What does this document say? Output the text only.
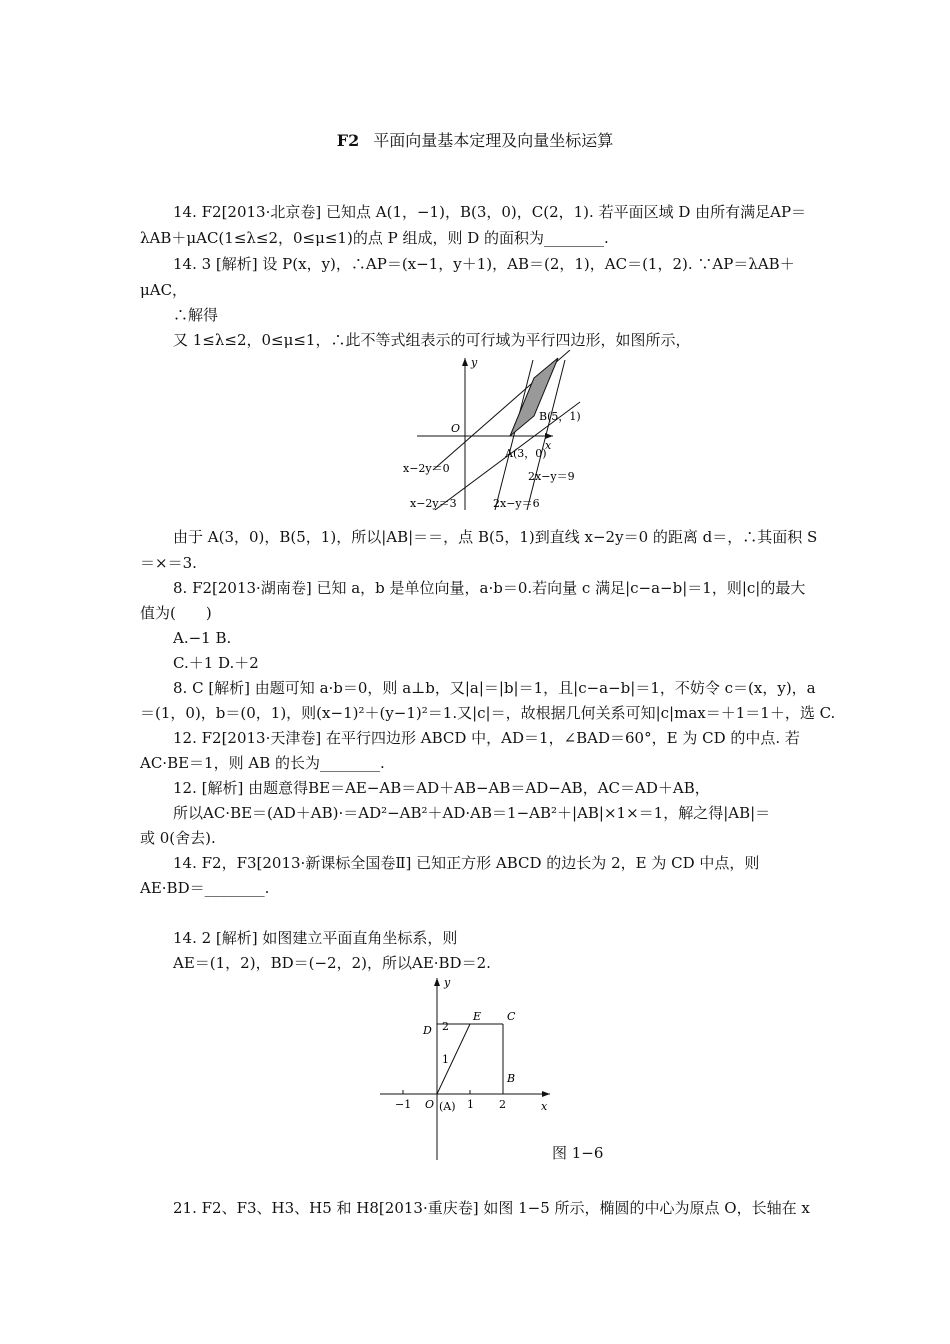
F2 平面向量基本定理及向量坐标运算
14. F2[2013·北京卷] 已知点 A(1，−1)，B(3，0)，C(2，1). 若平面区域 D 由所有满足AP＝
λAB＋μAC(1≤λ≤2，0≤μ≤1)的点 P 组成，则 D 的面积为________.
14. 3 [解析] 设 P(x，y)，∴AP＝(x−1，y＋1)，AB＝(2，1)，AC＝(1，2). ∵AP＝λAB＋
μAC，
∴解得
又 1≤λ≤2，0≤μ≤1，∴此不等式组表示的可行域为平行四边形，如图所示，
y
x
O
B(5，1)
A(3，0)
x−2y＝0
x−2y＝3	2x−y＝6
2x−y＝9
由于 A(3，0)，B(5，1)，所以|AB|＝＝，点 B(5，1)到直线 x−2y＝0 的距离 d＝，∴其面积 S
＝×＝3.
8. F2[2013·湖南卷] 已知 a，b 是单位向量，a·b＝0.若向量 c 满足|c−a−b|＝1，则|c|的最大
值为(　　)
A.−1 B.
C.＋1 D.＋2
8. C [解析] 由题可知 a·b＝0，则 a⊥b，又|a|＝|b|＝1，且|c−a−b|＝1，不妨令 c＝(x，y)，a
＝(1，0)，b＝(0，1)，则(x−1)²＋(y−1)²＝1.又|c|＝，故根据几何关系可知|c|max＝＋1＝1＋，选 C.
12. F2[2013·天津卷] 在平行四边形 ABCD 中，AD＝1，∠BAD＝60°，E 为 CD 的中点. 若
AC·BE＝1，则 AB 的长为________.
12. [解析] 由题意得BE＝AE−AB＝AD＋AB−AB＝AD−AB，AC＝AD＋AB，
所以AC·BE＝(AD＋AB)·＝AD²−AB²＋AD·AB＝1−AB²＋|AB|×1×＝1，解之得|AB|＝
或 0(舍去).
14. F2，F3[2013·新课标全国卷Ⅱ] 已知正方形 ABCD 的边长为 2，E 为 CD 中点，则
AE·BD＝________.
14. 2 [解析] 如图建立平面直角坐标系，则
AE＝(1，2)，BD＝(−2，2)，所以AE·BD＝2.
y
x
O (A)
B
C
D
E
2
1
−1	1 2
图 1−6
21. F2、F3、H3、H5 和 H8[2013·重庆卷] 如图 1−5 所示，椭圆的中心为原点 O，长轴在 x
